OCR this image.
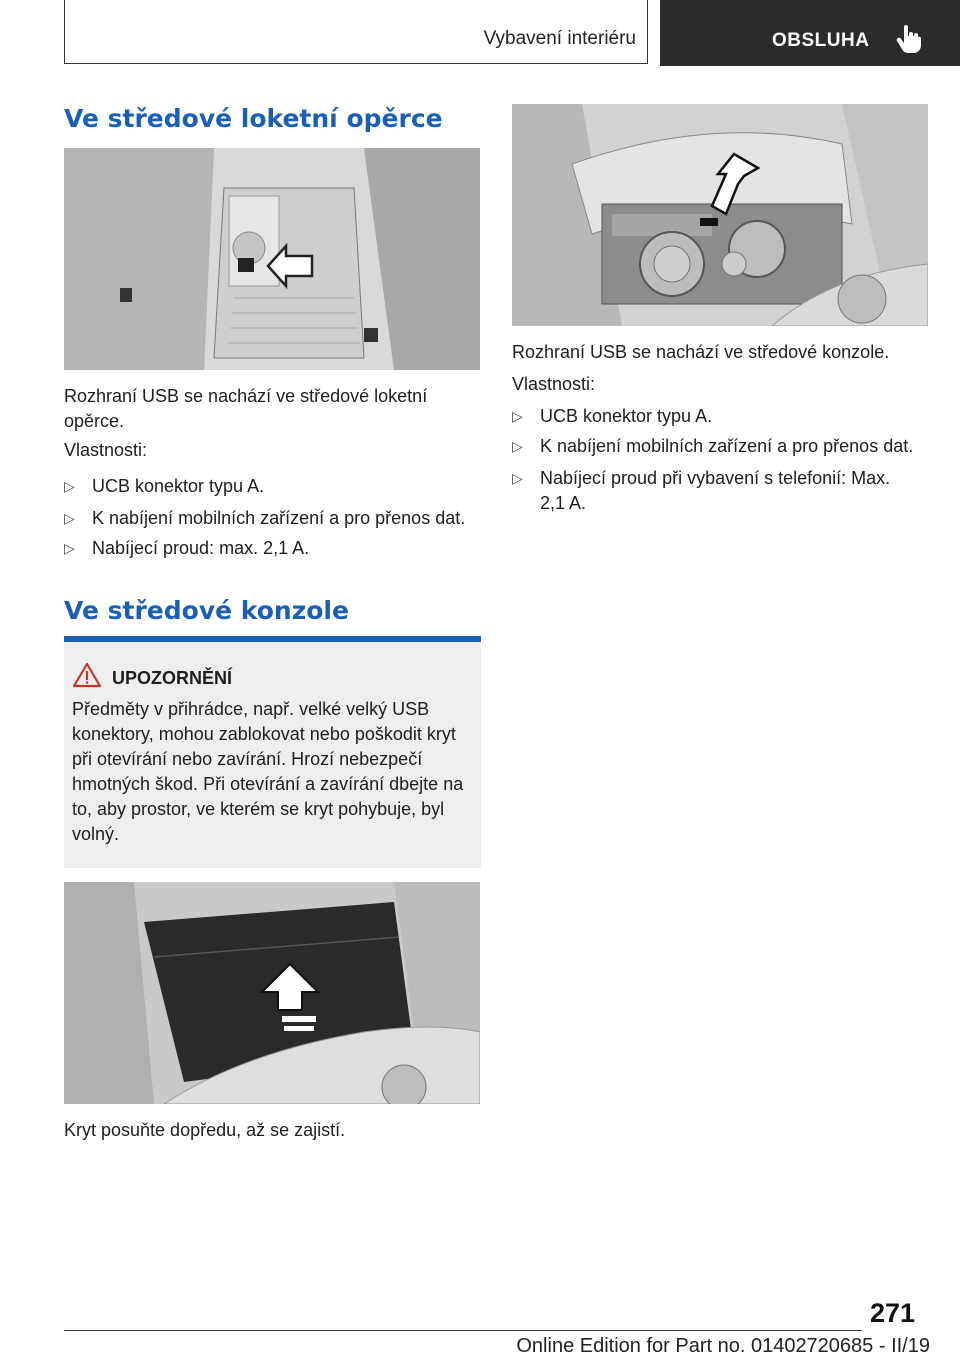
Vybavení interiéru	OBSLUHA
Ve středové loketní opěrce
Rozhraní USB se nachází ve středové loketní opěrce.
Vlastnosti:
▷ UCB konektor typu A.
▷ K nabíjení mobilních zařízení a pro přenos dat.
▷ Nabíjecí proud: max. 2,1 A.
Ve středové konzole
UPOZORNĚNÍ
Předměty v přihrádce, např. velké velký USB konektory, mohou zablokovat nebo poškodit kryt při otevírání nebo zavírání. Hrozí nebezpečí hmotných škod. Při otevírání a zavírání dbejte na to, aby prostor, ve kterém se kryt pohybuje, byl volný.
Kryt posuňte dopředu, až se zajistí.
Rozhraní USB se nachází ve středové konzole.
Vlastnosti:
▷ UCB konektor typu A.
▷ K nabíjení mobilních zařízení a pro přenos dat.
▷ Nabíjecí proud při vybavení s telefonií: Max. 2,1 A.
271
Online Edition for Part no. 01402720685 - II/19
